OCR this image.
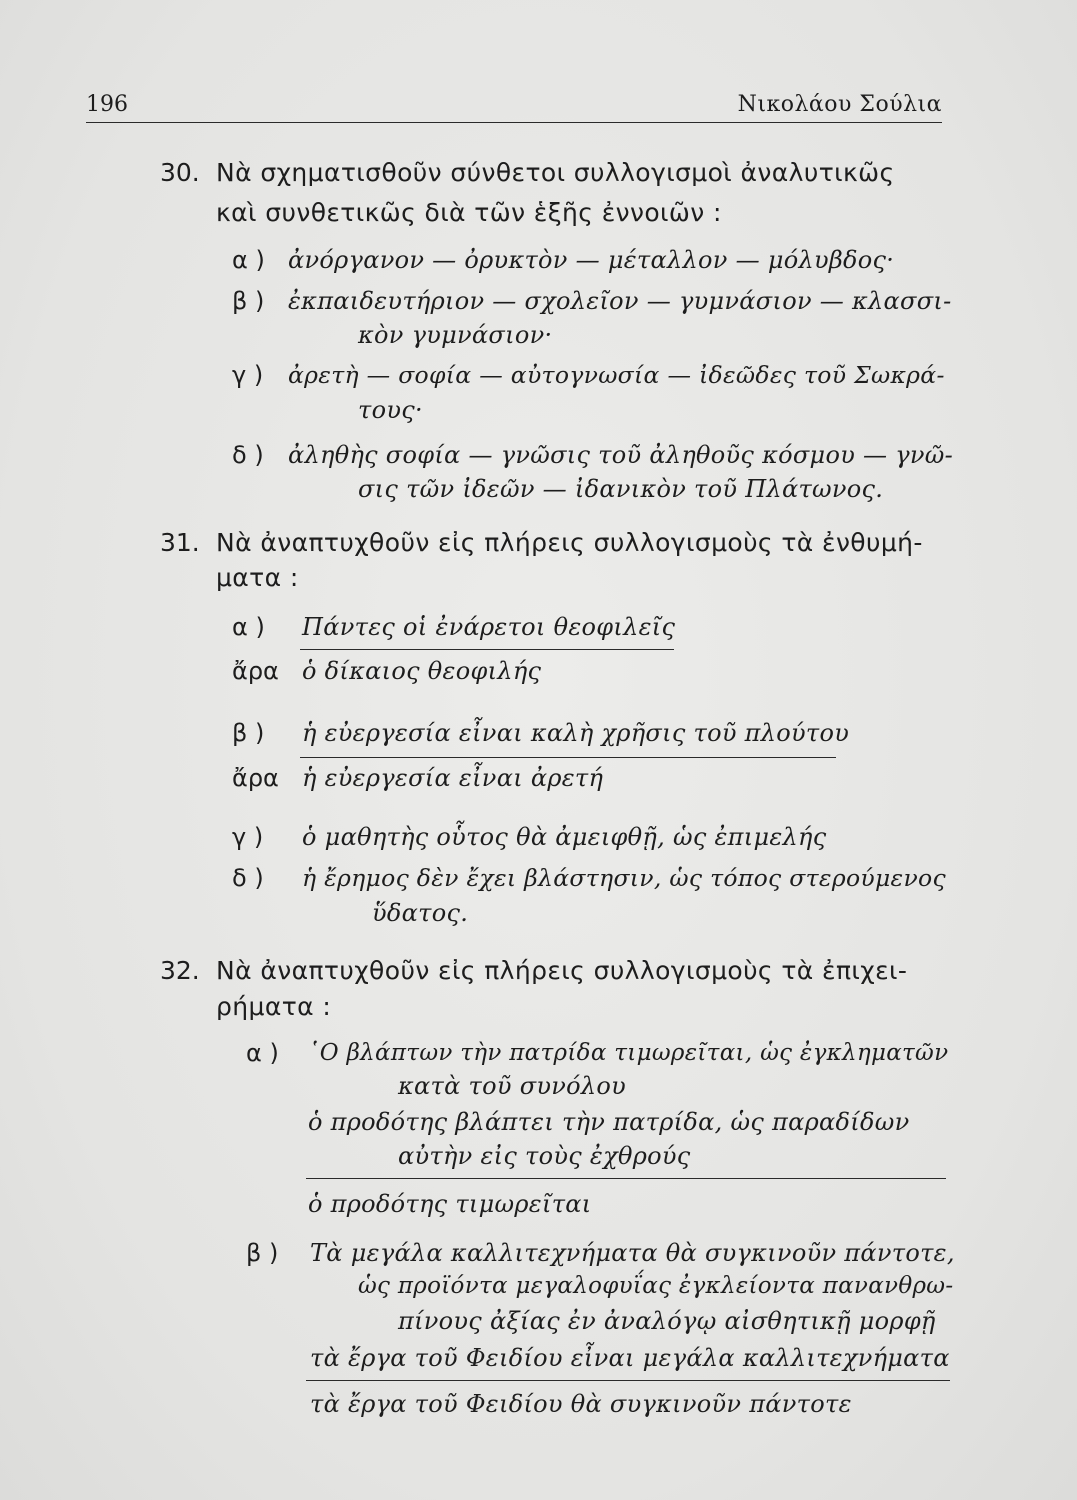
196	Νικολάου Σούλια
30. Νὰ σχηματισθοῦν σύνθετοι συλλογισμοὶ ἀναλυτικῶς
καὶ συνθετικῶς διὰ τῶν ἑξῆς ἐννοιῶν :
α ) ἀνόργανον — ὀρυκτὸν — μέταλλον — μόλυβδος·
β ) ἐκπαιδευτήριον — σχολεῖον — γυμνάσιον — κλασσι-
κὸν γυμνάσιον·
γ ) ἀρετὴ — σοφία — αὐτογνωσία — ἰδεῶδες τοῦ Σωκρά-
τους·
δ ) ἀληθὴς σοφία — γνῶσις τοῦ ἀληθοῦς κόσμου — γνῶ-
σις τῶν ἰδεῶν — ἰδανικὸν τοῦ Πλάτωνος.
31. Νὰ ἀναπτυχθοῦν εἰς πλήρεις συλλογισμοὺς τὰ ἐνθυμή-
ματα :
α ) Πάντες οἱ ἐνάρετοι θεοφιλεῖς
ἄρα ὁ δίκαιος θεοφιλής
β ) ἡ εὐεργεσία εἶναι καλὴ χρῆσις τοῦ πλούτου
ἄρα ἡ εὐεργεσία εἶναι ἀρετή
γ ) ὁ μαθητὴς οὗτος θὰ ἀμειφθῇ, ὡς ἐπιμελής
δ ) ἡ ἔρημος δὲν ἔχει βλάστησιν, ὡς τόπος στερούμενος
ὕδατος.
32. Νὰ ἀναπτυχθοῦν εἰς πλήρεις συλλογισμοὺς τὰ ἐπιχει-
ρήματα :
α ) ῾Ο βλάπτων τὴν πατρίδα τιμωρεῖται, ὡς ἐγκληματῶν
κατὰ τοῦ συνόλου
ὁ προδότης βλάπτει τὴν πατρίδα, ὡς παραδίδων
αὐτὴν εἰς τοὺς ἐχθρούς
ὁ προδότης τιμωρεῖται
β ) Τὰ μεγάλα καλλιτεχνήματα θὰ συγκινοῦν πάντοτε,
ὡς προϊόντα μεγαλοφυΐας ἐγκλείοντα πανανθρω-
πίνους ἀξίας ἐν ἀναλόγῳ αἰσθητικῇ μορφῇ
τὰ ἔργα τοῦ Φειδίου εἶναι μεγάλα καλλιτεχνήματα
τὰ ἔργα τοῦ Φειδίου θὰ συγκινοῦν πάντοτε
